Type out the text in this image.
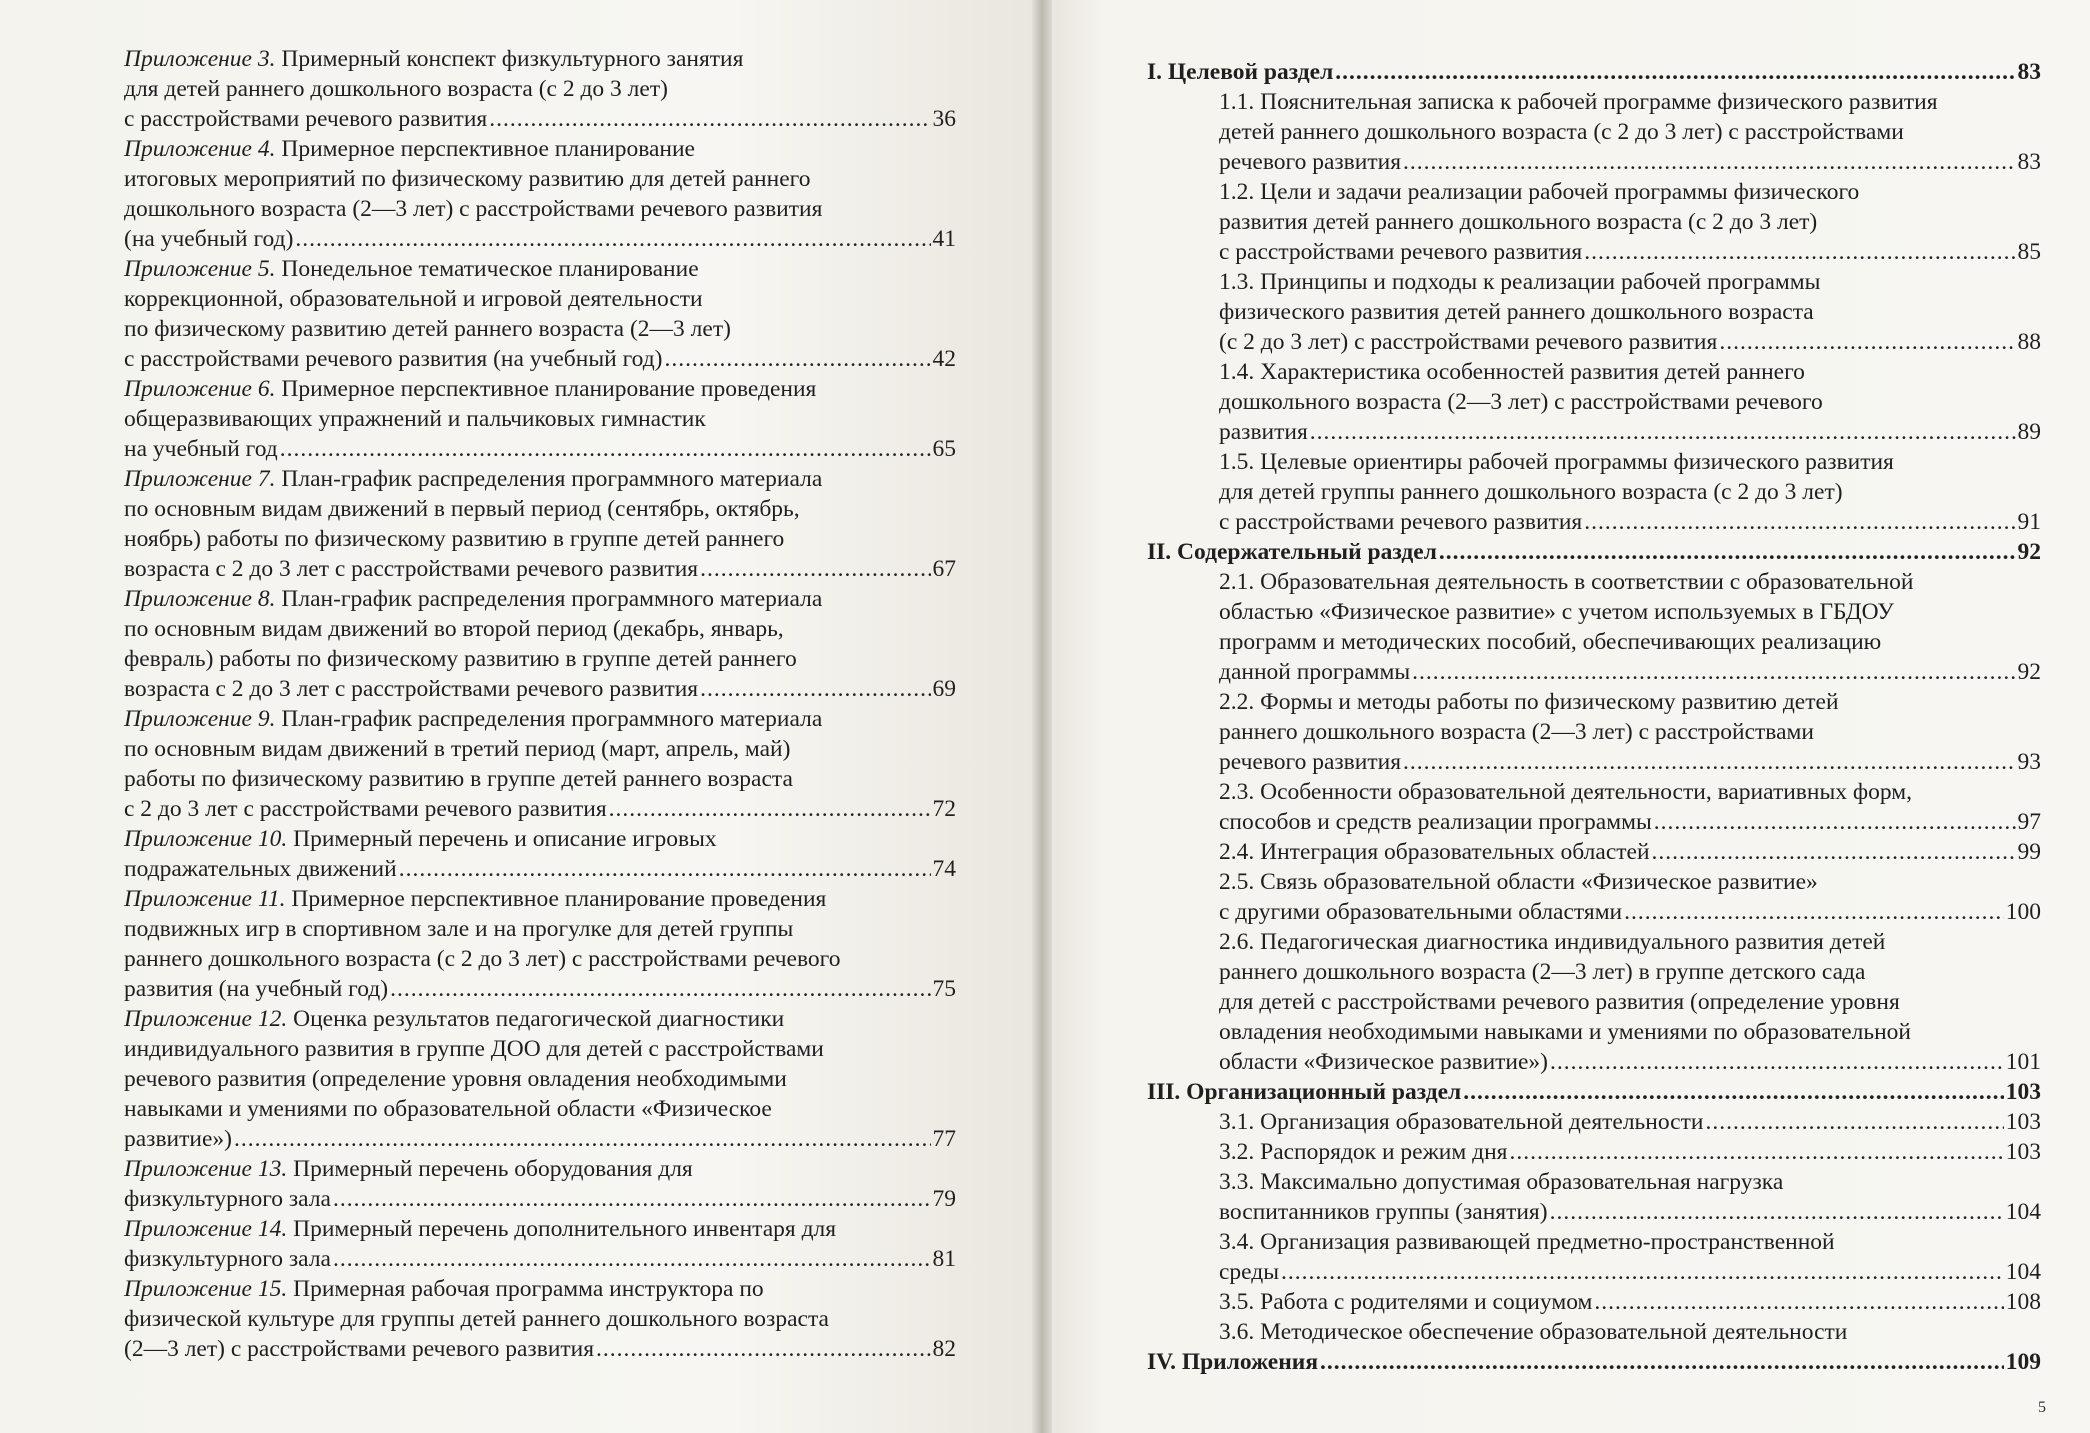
Приложение 3. Примерный конспект физкультурного занятия
для детей раннего дошкольного возраста (с 2 до 3 лет)
с расстройствами речевого развития .....	36
Приложение 4. Примерное перспективное планирование
итоговых мероприятий по физическому развитию для детей раннего
дошкольного возраста (2—3 лет) с расстройствами речевого развития
(на учебный год) .....	41
Приложение 5. Понедельное тематическое планирование
коррекционной, образовательной и игровой деятельности
по физическому развитию детей раннего возраста (2—3 лет)
с расстройствами речевого развития (на учебный год) .....	42
Приложение 6. Примерное перспективное планирование проведения
общеразвивающих упражнений и пальчиковых гимнастик
на учебный год .....	65
Приложение 7. План-график распределения программного материала
по основным видам движений в первый период (сентябрь, октябрь,
ноябрь) работы по физическому развитию в группе детей раннего
возраста с 2 до 3 лет с расстройствами речевого развития .....	67
Приложение 8. План-график распределения программного материала
по основным видам движений во второй период (декабрь, январь,
февраль) работы по физическому развитию в группе детей раннего
возраста с 2 до 3 лет с расстройствами речевого развития .....	69
Приложение 9. План-график распределения программного материала
по основным видам движений в третий период (март, апрель, май)
работы по физическому развитию в группе детей раннего возраста
с 2 до 3 лет с расстройствами речевого развития .....	72
Приложение 10. Примерный перечень и описание игровых
подражательных движений .....	74
Приложение 11. Примерное перспективное планирование проведения
подвижных игр в спортивном зале и на прогулке для детей группы
раннего дошкольного возраста (с 2 до 3 лет) с расстройствами речевого
развития (на учебный год) .....	75
Приложение 12. Оценка результатов педагогической диагностики
индивидуального развития в группе ДОО для детей с расстройствами
речевого развития (определение уровня овладения необходимыми
навыками и умениями по образовательной области «Физическое
развитие») .....	77
Приложение 13. Примерный перечень оборудования для
физкультурного зала .....	79
Приложение 14. Примерный перечень дополнительного инвентаря для
физкультурного зала .....	81
Приложение 15. Примерная рабочая программа инструктора по
физической культуре для группы детей раннего дошкольного возраста
(2—3 лет) с расстройствами речевого развития .....	82
I. Целевой раздел .....	83
1.1. Пояснительная записка к рабочей программе физического развития
детей раннего дошкольного возраста (с 2 до 3 лет) с расстройствами
речевого развития .....	83
1.2. Цели и задачи реализации рабочей программы физического
развития детей раннего дошкольного возраста (с 2 до 3 лет)
с расстройствами речевого развития .....	85
1.3. Принципы и подходы к реализации рабочей программы
физического развития детей раннего дошкольного возраста
(с 2 до 3 лет) с расстройствами речевого развития .....	88
1.4. Характеристика особенностей развития детей раннего
дошкольного возраста (2—3 лет) с расстройствами речевого
развития .....	89
1.5. Целевые ориентиры рабочей программы физического развития
для детей группы раннего дошкольного возраста (с 2 до 3 лет)
с расстройствами речевого развития .....	91
II. Содержательный раздел .....	92
2.1. Образовательная деятельность в соответствии с образовательной
областью «Физическое развитие» с учетом используемых в ГБДОУ
программ и методических пособий, обеспечивающих реализацию
данной программы .....	92
2.2. Формы и методы работы по физическому развитию детей
раннего дошкольного возраста (2—3 лет) с расстройствами
речевого развития .....	93
2.3. Особенности образовательной деятельности, вариативных форм,
способов и средств реализации программы .....	97
2.4. Интеграция образовательных областей .....	99
2.5. Связь образовательной области «Физическое развитие»
с другими образовательными областями .....	100
2.6. Педагогическая диагностика индивидуального развития детей
раннего дошкольного возраста (2—3 лет) в группе детского сада
для детей с расстройствами речевого развития (определение уровня
овладения необходимыми навыками и умениями по образовательной
области «Физическое развитие») .....	101
III. Организационный раздел .....	103
3.1. Организация образовательной деятельности .....	103
3.2. Распорядок и режим дня .....	103
3.3. Максимально допустимая образовательная нагрузка
воспитанников группы (занятия) .....	104
3.4. Организация развивающей предметно-пространственной
среды .....	104
3.5. Работа с родителями и социумом .....	108
3.6. Методическое обеспечение образовательной деятельности
IV. Приложения .....	109
5
